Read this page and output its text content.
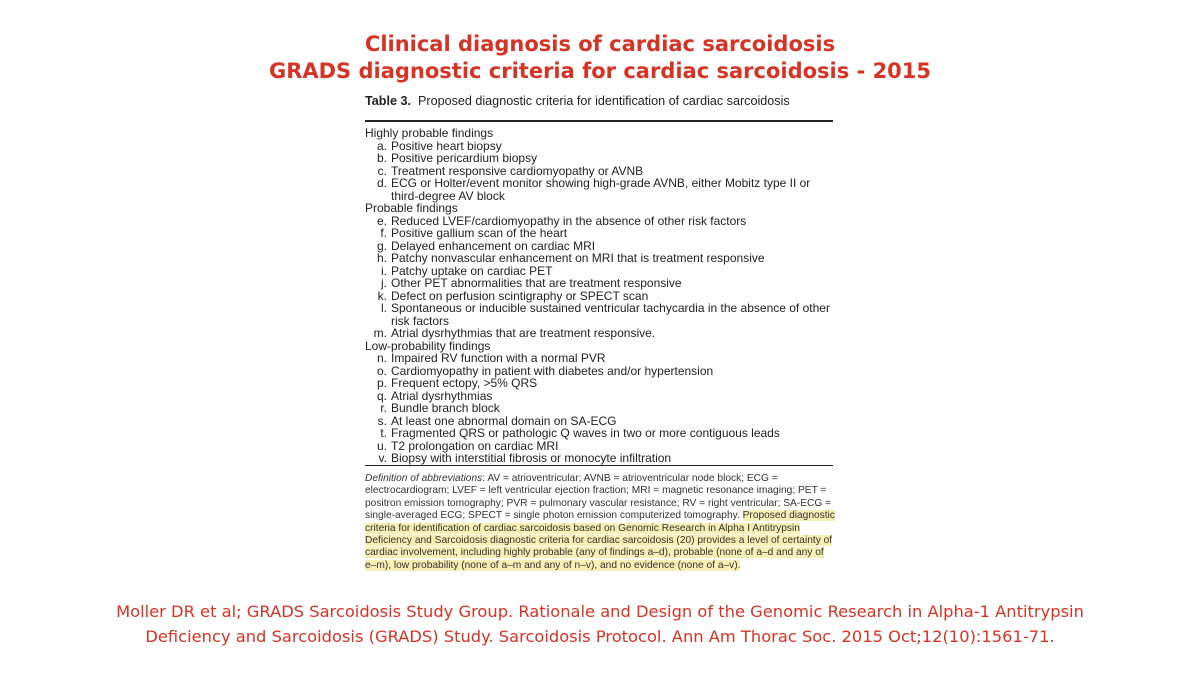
Clinical diagnosis of cardiac sarcoidosis
GRADS diagnostic criteria for cardiac sarcoidosis - 2015
Table 3. Proposed diagnostic criteria for identification of cardiac sarcoidosis
Highly probable findings
a. Positive heart biopsy
b. Positive pericardium biopsy
c. Treatment responsive cardiomyopathy or AVNB
d. ECG or Holter/event monitor showing high-grade AVNB, either Mobitz type II or third-degree AV block
Probable findings
e. Reduced LVEF/cardiomyopathy in the absence of other risk factors
f. Positive gallium scan of the heart
g. Delayed enhancement on cardiac MRI
h. Patchy nonvascular enhancement on MRI that is treatment responsive
i. Patchy uptake on cardiac PET
j. Other PET abnormalities that are treatment responsive
k. Defect on perfusion scintigraphy or SPECT scan
l. Spontaneous or inducible sustained ventricular tachycardia in the absence of other risk factors
m. Atrial dysrhythmias that are treatment responsive.
Low-probability findings
n. Impaired RV function with a normal PVR
o. Cardiomyopathy in patient with diabetes and/or hypertension
p. Frequent ectopy, >5% QRS
q. Atrial dysrhythmias
r. Bundle branch block
s. At least one abnormal domain on SA-ECG
t. Fragmented QRS or pathologic Q waves in two or more contiguous leads
u. T2 prolongation on cardiac MRI
v. Biopsy with interstitial fibrosis or monocyte infiltration
Definition of abbreviations: AV = atrioventricular; AVNB = atrioventricular node block; ECG = electrocardiogram; LVEF = left ventricular ejection fraction; MRI = magnetic resonance imaging; PET = positron emission tomography; PVR = pulmonary vascular resistance; RV = right ventricular; SA-ECG = single-averaged ECG; SPECT = single photon emission computerized tomography. Proposed diagnostic criteria for identification of cardiac sarcoidosis based on Genomic Research in Alpha I Antitrypsin Deficiency and Sarcoidosis diagnostic criteria for cardiac sarcoidosis (20) provides a level of certainty of cardiac involvement, including highly probable (any of findings a–d), probable (none of a–d and any of e–m), low probability (none of a–m and any of n–v), and no evidence (none of a–v).
Moller DR et al; GRADS Sarcoidosis Study Group. Rationale and Design of the Genomic Research in Alpha-1 Antitrypsin
Deficiency and Sarcoidosis (GRADS) Study. Sarcoidosis Protocol. Ann Am Thorac Soc. 2015 Oct;12(10):1561-71.
